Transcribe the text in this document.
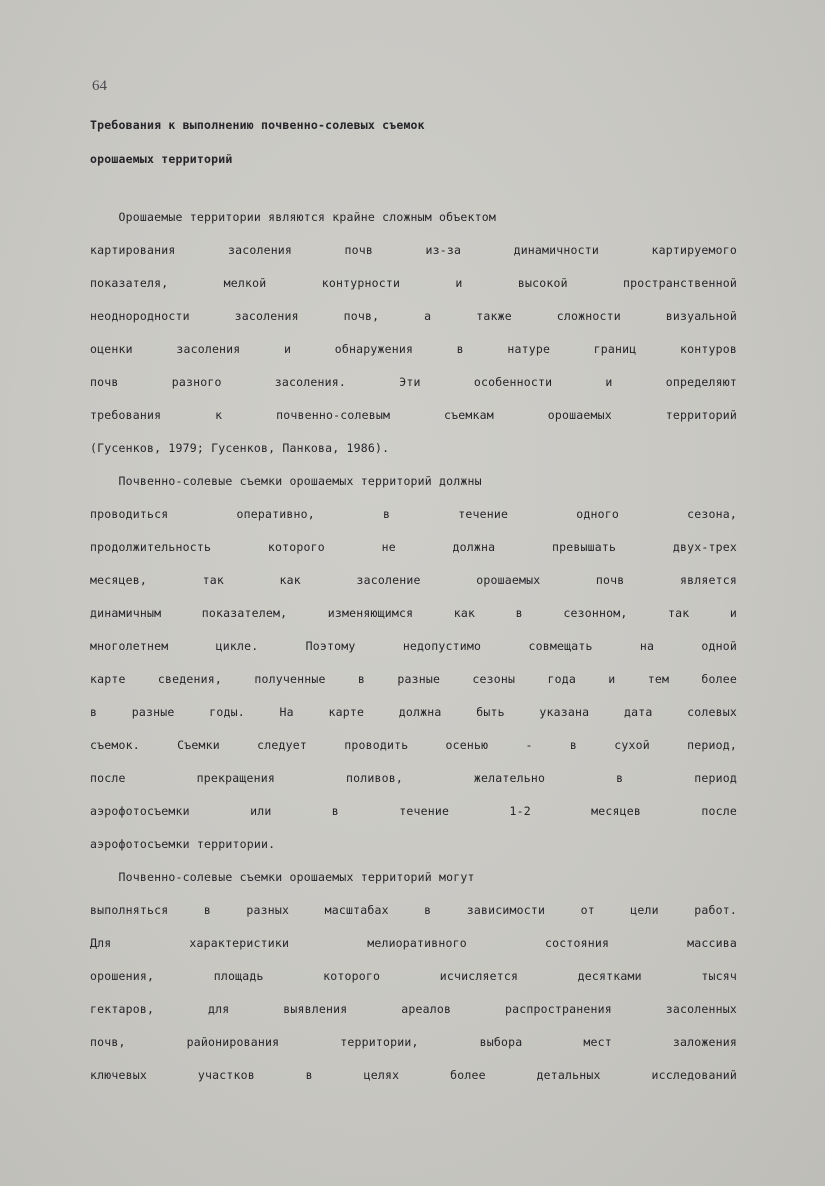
64
Требования к выполнению почвенно-солевых съемок
орошаемых территорий
Орошаемые территории являются крайне сложным объектом
картирования засоления почв из-за динамичности картируемого
показателя, мелкой контурности и высокой пространственной
неоднородности засоления почв, а также сложности визуальной
оценки засоления и обнаружения в натуре границ контуров
почв разного засоления. Эти особенности и определяют
требования к почвенно-солевым съемкам орошаемых территорий
(Гусенков, 1979; Гусенков, Панкова, 1986).
Почвенно-солевые съемки орошаемых территорий должны
проводиться оперативно, в течение одного сезона,
продолжительность которого не должна превышать двух-трех
месяцев, так как засоление орошаемых почв является
динамичным показателем, изменяющимся как в сезонном, так и
многолетнем цикле. Поэтому недопустимо совмещать на одной
карте сведения, полученные в разные сезоны года и тем более
в разные годы. На карте должна быть указана дата солевых
съемок. Съемки следует проводить осенью - в сухой период,
после прекращения поливов, желательно в период
аэрофотосъемки или в течение 1-2 месяцев после
аэрофотосъемки территории.
Почвенно-солевые съемки орошаемых территорий могут
выполняться в разных масштабах в зависимости от цели работ.
Для характеристики мелиоративного состояния массива
орошения, площадь которого исчисляется десятками тысяч
гектаров, для выявления ареалов распространения засоленных
почв, районирования территории, выбора мест заложения
ключевых участков в целях более детальных исследований
